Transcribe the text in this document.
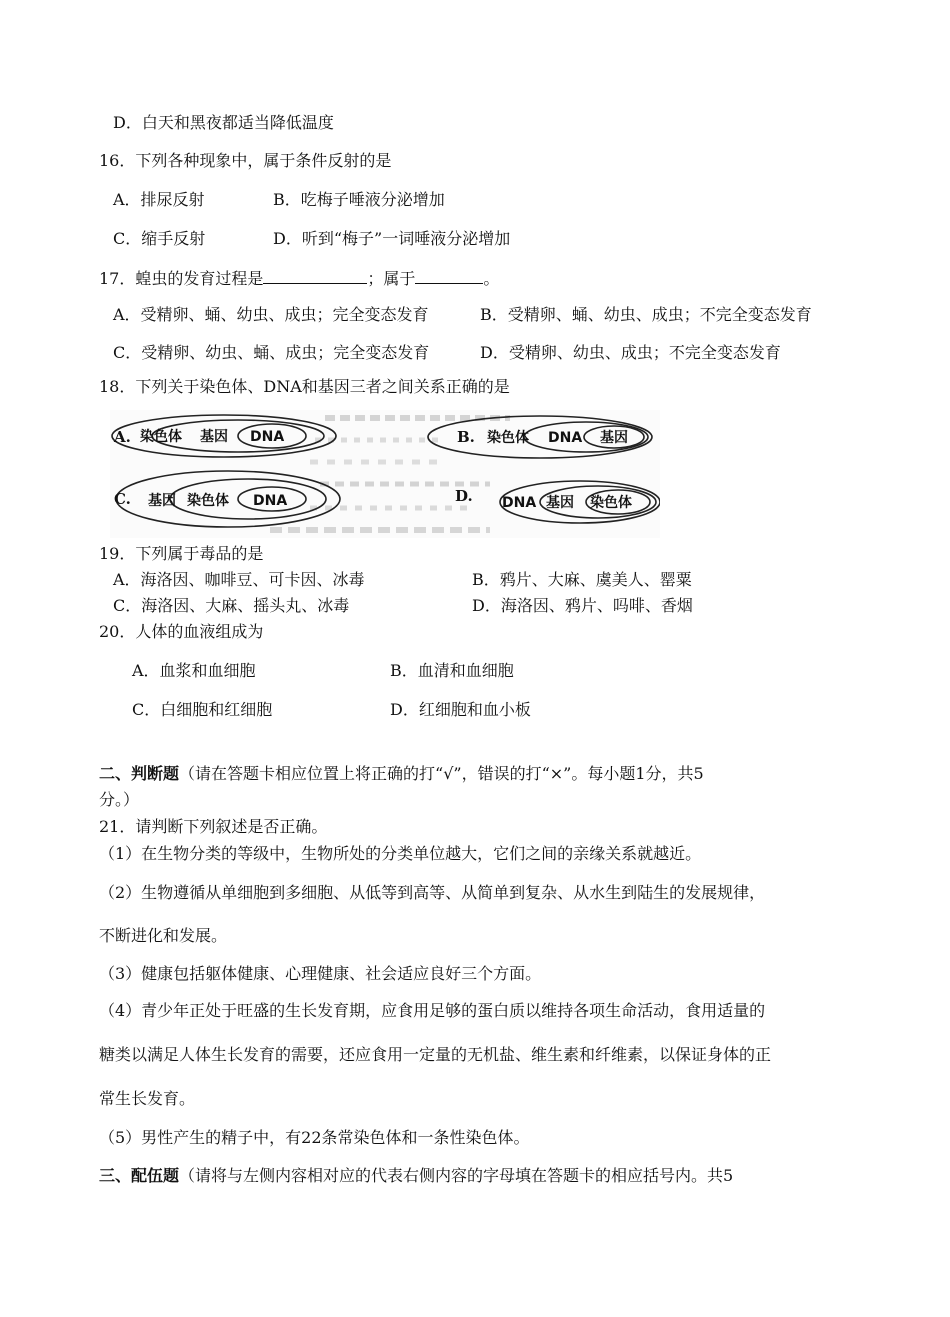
D．白天和黑夜都适当降低温度
16．下列各种现象中，属于条件反射的是
A．排尿反射	B．吃梅子唾液分泌增加
C．缩手反射	D．听到“梅子”一词唾液分泌增加
17．蝗虫的发育过程是	；属于	。
A．受精卵、蛹、幼虫、成虫；完全变态发育	B．受精卵、蛹、幼虫、成虫；不完全变态发育
C．受精卵、幼虫、蛹、成虫；完全变态发育	D．受精卵、幼虫、成虫；不完全变态发育
18．下列关于染色体、DNA和基因三者之间关系正确的是
A. 染色体 基因 DNA	B. 染色体 DNA 基因
C. 基因 染色体 DNA	D. DNA 基因 染色体
19．下列属于毒品的是
A．海洛因、咖啡豆、可卡因、冰毒	B．鸦片、大麻、虞美人、罂粟
C．海洛因、大麻、摇头丸、冰毒	D．海洛因、鸦片、吗啡、香烟
20．人体的血液组成为
A．血浆和血细胞	B．血清和血细胞
C．白细胞和红细胞	D．红细胞和血小板
二、判断题（请在答题卡相应位置上将正确的打“√”，错误的打“×”。每小题1分，共5
分。）
21．请判断下列叙述是否正确。
（1）在生物分类的等级中，生物所处的分类单位越大，它们之间的亲缘关系就越近。
（2）生物遵循从单细胞到多细胞、从低等到高等、从简单到复杂、从水生到陆生的发展规律，
不断进化和发展。
（3）健康包括躯体健康、心理健康、社会适应良好三个方面。
（4）青少年正处于旺盛的生长发育期，应食用足够的蛋白质以维持各项生命活动，食用适量的
糖类以满足人体生长发育的需要，还应食用一定量的无机盐、维生素和纤维素，以保证身体的正
常生长发育。
（5）男性产生的精子中，有22条常染色体和一条性染色体。
三、配伍题（请将与左侧内容相对应的代表右侧内容的字母填在答题卡的相应括号内。共5
